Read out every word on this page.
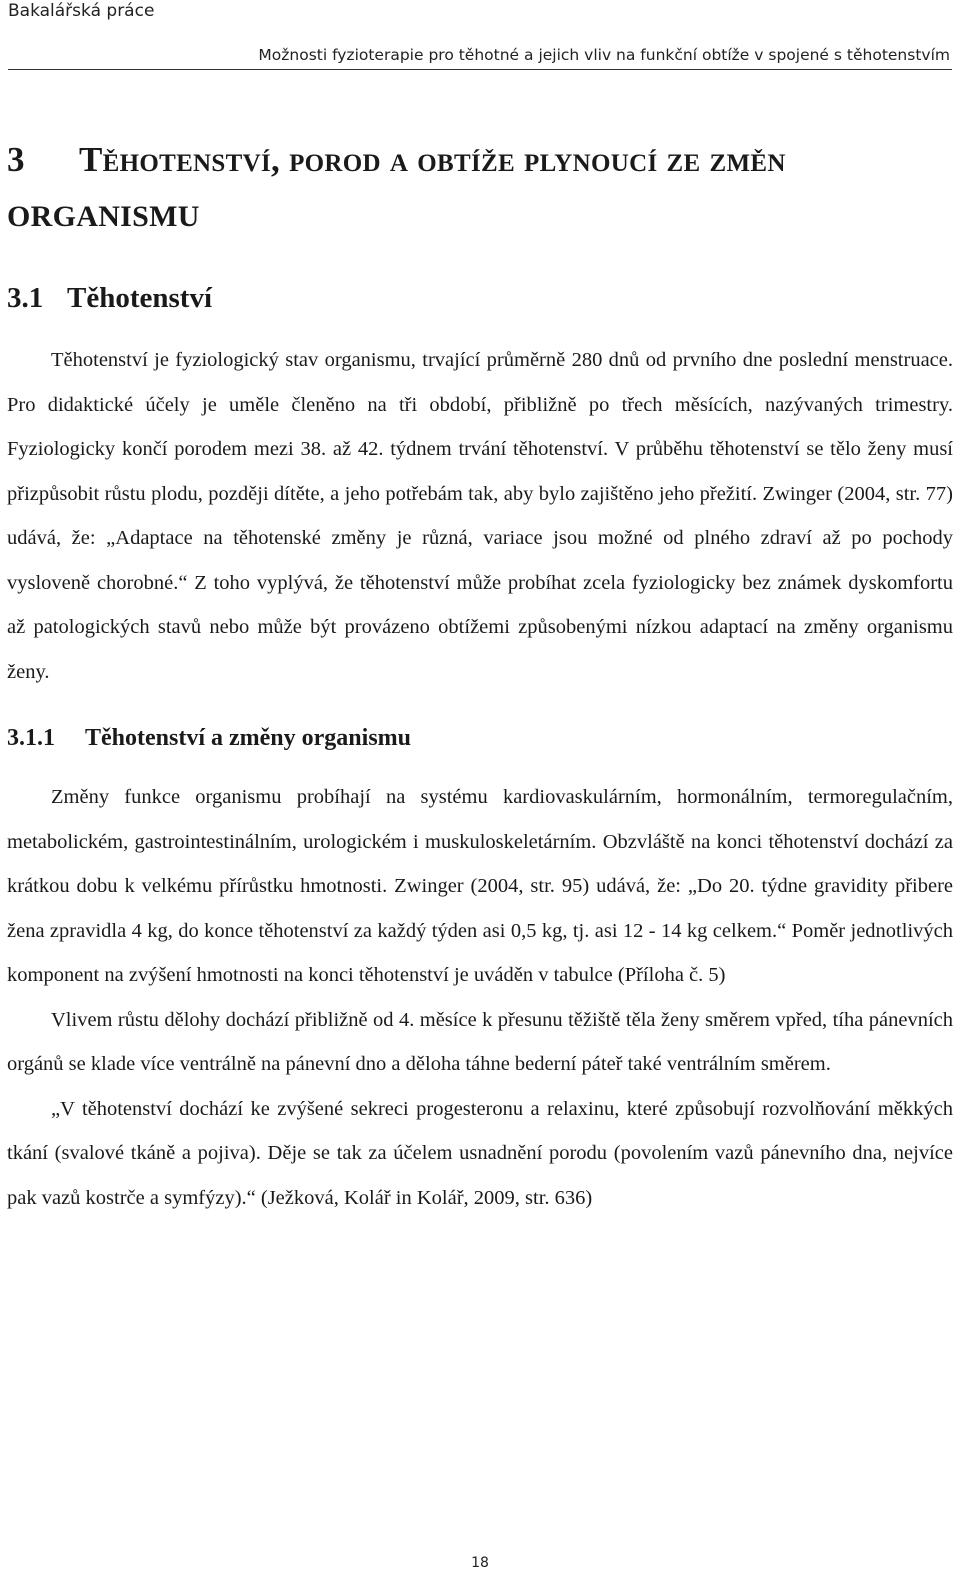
Bakalářská práce
Možnosti fyzioterapie pro těhotné a jejich vliv na funkční obtíže v spojené s těhotenstvím
3	Těhotenství, porod a obtíže plynoucí ze změn
ORGANISMU
3.1 Těhotenství

Těhotenství je fyziologický stav organismu, trvající průměrně 280 dnů od prvního dne poslední menstruace. Pro didaktické účely je uměle členěno na tři období, přibližně po třech měsících, nazývaných trimestry. Fyziologicky končí porodem mezi 38. až 42. týdnem trvání těhotenství. V průběhu těhotenství se tělo ženy musí přizpůsobit růstu plodu, později dítěte, a jeho potřebám tak, aby bylo zajištěno jeho přežití. Zwinger (2004, str. 77) udává, že: „Adaptace na těhotenské změny je různá, variace jsou možné od plného zdraví až po pochody vysloveně chorobné.“ Z toho vyplývá, že těhotenství může probíhat zcela fyziologicky bez známek dyskomfortu až patologických stavů nebo může být provázeno obtížemi způsobenými nízkou adaptací na změny organismu ženy.

3.1.1	Těhotenství a změny organismu

Změny funkce organismu probíhají na systému kardiovaskulárním, hormonálním, termoregulačním, metabolickém, gastrointestinálním, urologickém i muskuloskeletárním. Obzvláště na konci těhotenství dochází za krátkou dobu k velkému přírůstku hmotnosti. Zwinger (2004, str. 95) udává, že: „Do 20. týdne gravidity přibere žena zpravidla 4 kg, do konce těhotenství za každý týden asi 0,5 kg, tj. asi 12 - 14 kg celkem.“ Poměr jednotlivých komponent na zvýšení hmotnosti na konci těhotenství je uváděn v tabulce (Příloha č. 5)

Vlivem růstu dělohy dochází přibližně od 4. měsíce k přesunu těžiště těla ženy směrem vpřed, tíha pánevních orgánů se klade více ventrálně na pánevní dno a děloha táhne bederní páteř také ventrálním směrem.

„V těhotenství dochází ke zvýšené sekreci progesteronu a relaxinu, které způsobují rozvolňování měkkých tkání (svalové tkáně a pojiva). Děje se tak za účelem usnadnění porodu (povolením vazů pánevního dna, nejvíce pak vazů kostrče a symfýzy).“ (Ježková, Kolář in Kolář, 2009, str. 636)

18
